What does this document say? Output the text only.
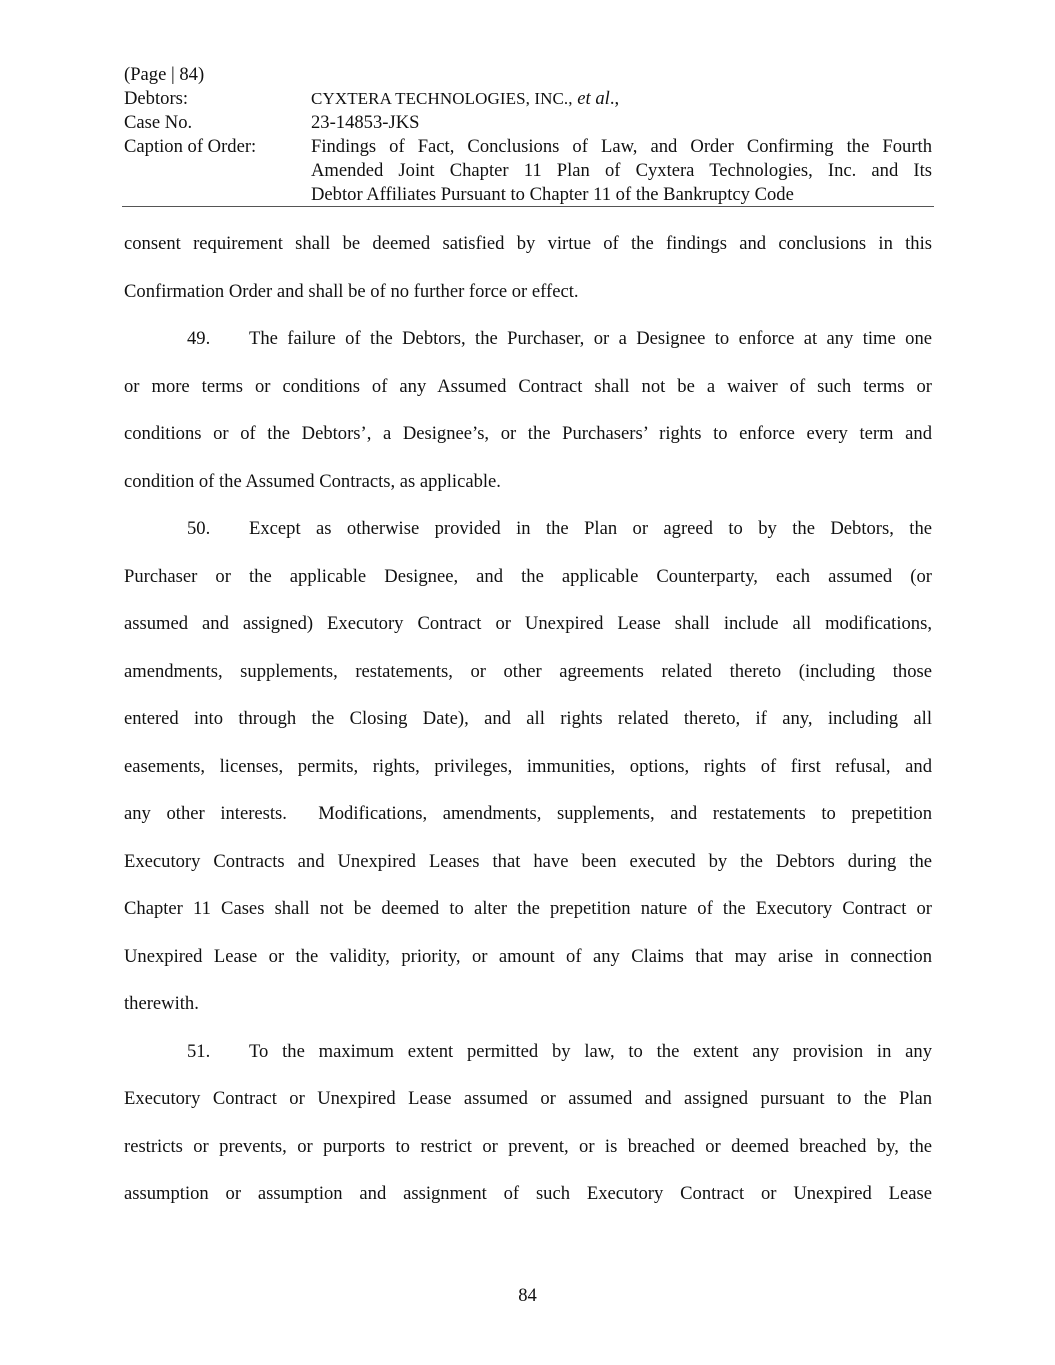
(Page | 84)
Debtors:	CYXTERA TECHNOLOGIES, INC., et al.,
Case No.	23-14853-JKS
Caption of Order:	Findings of Fact, Conclusions of Law, and Order Confirming the Fourth
Amended Joint Chapter 11 Plan of Cyxtera Technologies, Inc. and Its
Debtor Affiliates Pursuant to Chapter 11 of the Bankruptcy Code
consent requirement shall be deemed satisfied by virtue of the findings and conclusions in this
Confirmation Order and shall be of no further force or effect.
49. The failure of the Debtors, the Purchaser, or a Designee to enforce at any time one
or more terms or conditions of any Assumed Contract shall not be a waiver of such terms or
conditions or of the Debtors’, a Designee’s, or the Purchasers’ rights to enforce every term and
condition of the Assumed Contracts, as applicable.
50. Except as otherwise provided in the Plan or agreed to by the Debtors, the
Purchaser or the applicable Designee, and the applicable Counterparty, each assumed (or
assumed and assigned) Executory Contract or Unexpired Lease shall include all modifications,
amendments, supplements, restatements, or other agreements related thereto (including those
entered into through the Closing Date), and all rights related thereto, if any, including all
easements, licenses, permits, rights, privileges, immunities, options, rights of first refusal, and
any other interests.  Modifications, amendments, supplements, and restatements to prepetition
Executory Contracts and Unexpired Leases that have been executed by the Debtors during the
Chapter 11 Cases shall not be deemed to alter the prepetition nature of the Executory Contract or
Unexpired Lease or the validity, priority, or amount of any Claims that may arise in connection
therewith.
51. To the maximum extent permitted by law, to the extent any provision in any
Executory Contract or Unexpired Lease assumed or assumed and assigned pursuant to the Plan
restricts or prevents, or purports to restrict or prevent, or is breached or deemed breached by, the
assumption or assumption and assignment of such Executory Contract or Unexpired Lease
84
